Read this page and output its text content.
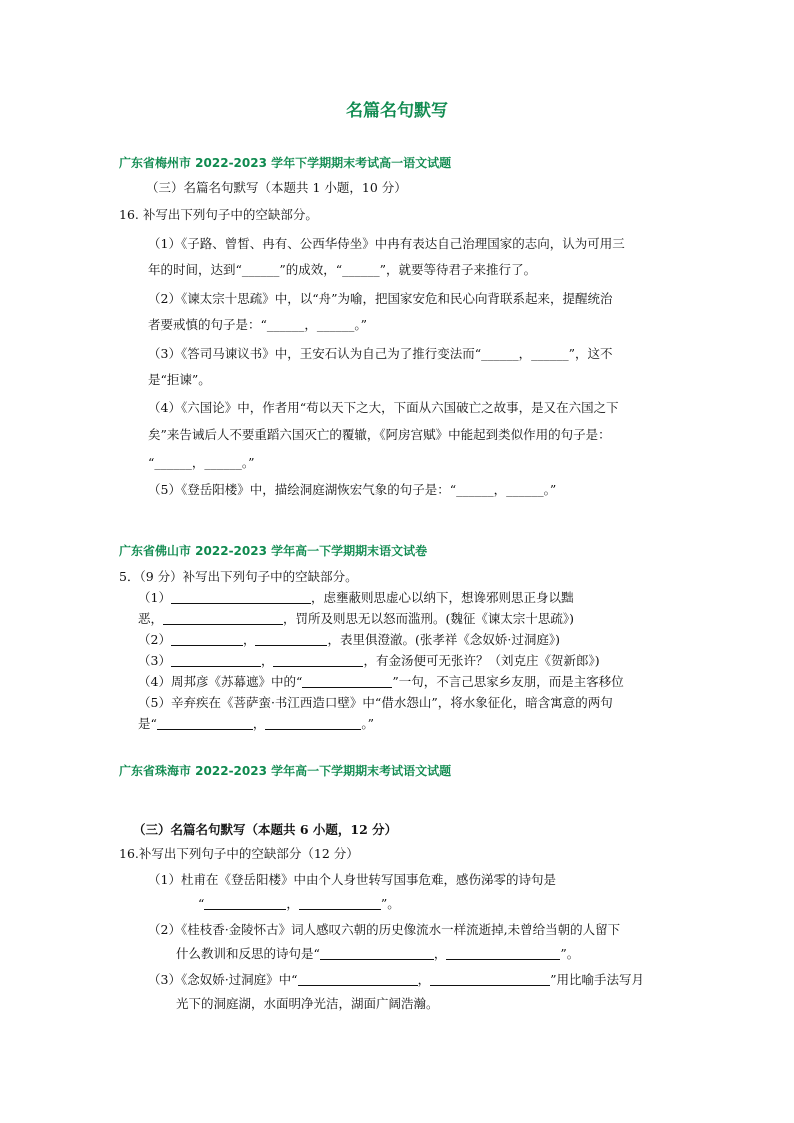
名篇名句默写
广东省梅州市 2022-2023 学年下学期期末考试高一语文试题
（三）名篇名句默写（本题共 1 小题，10 分）
16. 补写出下列句子中的空缺部分。
（1）《子路、曾皙、冉有、公西华侍坐》中冉有表达自己治理国家的志向，认为可用三
年的时间，达到“______”的成效，“______”，就要等待君子来推行了。
（2）《谏太宗十思疏》中，以“舟”为喻，把国家安危和民心向背联系起来，提醒统治
者要戒慎的句子是：“______，______。”
（3）《答司马谏议书》中，王安石认为自己为了推行变法而“______，______”，这不
是“拒谏”。
（4）《六国论》中，作者用“苟以天下之大，下面从六国破亡之故事，是又在六国之下
矣”来告诫后人不要重蹈六国灭亡的覆辙，《阿房宫赋》中能起到类似作用的句子是：
“______，______。”
（5）《登岳阳楼》中，描绘洞庭湖恢宏气象的句子是：“______，______。”
广东省佛山市 2022-2023 学年高一下学期期末语文试卷
5．（9 分）补写出下列句子中的空缺部分。
（1）	，虑壅蔽则思虚心以纳下，想谗邪则思正身以黜
恶，	，罚所及则思无以怒而滥刑。(魏征《谏太宗十思疏》)
（2）	，	，表里俱澄澈。(张孝祥《念奴娇·过洞庭》)
（3）	，	，有金汤便可无张许？（刘克庄《贺新郎》)
（4）周邦彦《苏幕遮》中的“	”一句，不言己思家乡友朋，而是主客移位
（5）辛弃疾在《菩萨蛮·书江西造口壁》中“借水怨山”，将水象征化，暗含寓意的两句
是“	，	。”
广东省珠海市 2022-2023 学年高一下学期期末考试语文试题
（三）名篇名句默写（本题共 6 小题，12 分）
16.补写出下列句子中的空缺部分（12 分）
（1）杜甫在《登岳阳楼》中由个人身世转写国事危难，感伤涕零的诗句是
“	，	”。
（2）《桂枝香·金陵怀古》词人感叹六朝的历史像流水一样流逝掉,未曾给当朝的人留下
什么教训和反思的诗句是“	，	”。
（3）《念奴娇·过洞庭》中“	，	”用比喻手法写月
光下的洞庭湖，水面明净光洁，湖面广阔浩瀚。
